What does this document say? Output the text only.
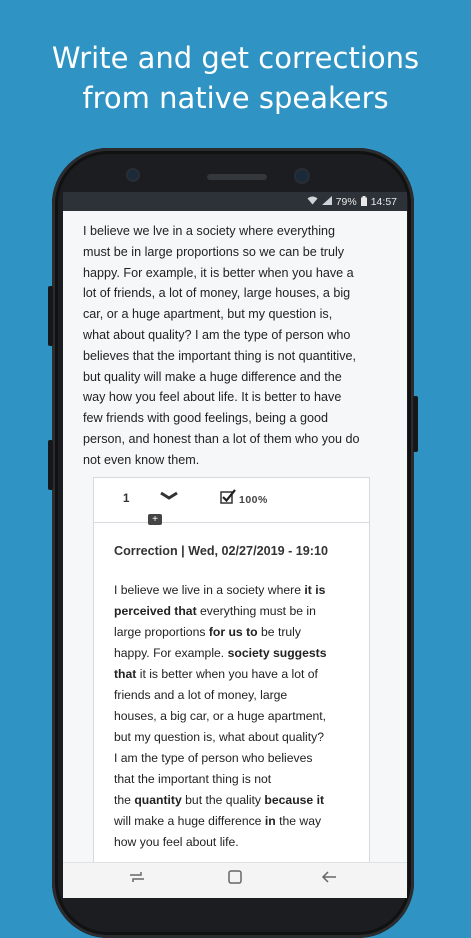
Write and get corrections
from native speakers
79% 14:57
I believe we lve in a society where everything
must be in large proportions so we can be truly
happy. For example, it is better when you have a
lot of friends, a lot of money, large houses, a big
car, or a huge apartment, but my question is,
what about quality? I am the type of person who
believes that the important thing is not quantitive,
but quality will make a huge difference and the
way how you feel about life. It is better to have
few friends with good feelings, being a good
person, and honest than a lot of them who you do
not even know them.
1
+
100%
Correction | Wed, 02/27/2019 - 19:10
I believe we live in a society where it is
perceived that everything must be in
large proportions for us to be truly
happy. For example. society suggests
that it is better when you have a lot of
friends and a lot of money, large
houses, a big car, or a huge apartment,
but my question is, what about quality?
I am the type of person who believes
that the important thing is not
the quantity but the quality because it
will make a huge difference in the way
how you feel about life.
